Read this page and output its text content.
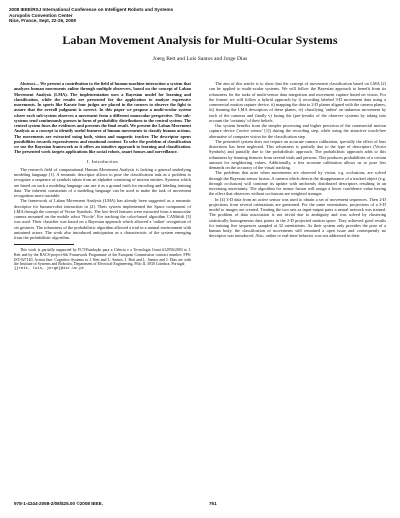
2008 IEEE/RSJ International Conference on Intelligent Robots and Systems
Acropolis Convention Center
Nice, France, Sept, 22-26, 2008
Laban Movement Analysis for Multi-Ocular Systems
Joerg Rett and Luís Santos and Jorge Dias

Abstract— We present a contribution to the field of human-machine interaction a system that analyzes human movements online through multiple observers, based on the concept of Laban Movement Analysis (LMA). The implementation uses a Bayesian model for learning and classification, while the results are presented for the application to analyze expressive movements. In sports like Karate four judges are placed in the corners to observe the fight to assure that the overall judgment is correct. In this paper we propose a multi-ocular system where each sub-system observes a movement from a different monocular perspective. The sub-systems send continuously guesses in form of probability distributions to the central system. The central system fuses the evidences and presents the final result. We present the Laban Movement Analysis as a concept to identify useful features of human movements to classify human actions. The movements are extracted using both, vision and magnetic tracker. The descriptor opens possibilities towards expressiveness and emotional content. To solve the problem of classification we use the Bayesian framework as it offers an intuitive approach to learning and classification. The presented work targets applications like social robots, smart houses and surveillance.

I. Introduction

The research field of computational Human Movement Analysis is lacking a general underlying modeling language [1]. A semantic descriptor allows to pose the classification task as a problem to recognize a sequence of symbols taken from an alphabet consisting of motion entities. Systems which are based on such a modeling language can use it as a ground truth for encoding and labeling training data. The inherent constraints of a modeling language can be used to make the task of movement recognition more tractable.

The framework of Laban Movement Analysis (LMA) has already been suggested as a semantic descriptor for human-robot interaction in [2]. Their system implemented the Space component of LMA through the concept of Vector Symbols. The low-level features were extracted from a monocular camera mounted on the mobile robot 'Nicole'. For tracking the color-based algorithm CAMshift [3] was used. Their classifier was based on a Bayesian approach which allowed a 'online' recognition of six gestures. The robustness of the probabilistic algorithm allowed a trial in a natural environment with untrained actors. The work also introduced anticipation as a characteristic of the system emerging from the probabilistic algorithm.

This work is partially supported by FCT-Fundação para a Ciência e a Tecnologia Grant #12956/2003 to J. Rett and by the BACS-project-6th Framework Programme of the European Commission contract number: FP6-IST-027140, Action line: Cognitive Systems to J. Rett and L. Santos. J. Rett and L. Santos and J. Dias are with the Institute of Systems and Robotics, Department of Electrical Engineering, Pólo II, 3030 Coimbra, Portugal

{jrett, luis, jorge}@isr.uc.pt

The aim of this article is to show that the concept of movement classification based on LMA [2] can be applied to multi-ocular systems. We will follow the Bayesian approach to benefit from its robustness for the tasks of multi-sensor data integration and movement capture based on vision. For the former we will follow a hybrid approach by i) recording labeled 3-D movement data using a commercial motion capture device, ii) mapping the data to 2-D planes aligned with the camera planes, iii) learning the LMA descriptors of these planes, iv) classifying 'online' an unknown movement by each of the cameras and finally v) fusing the (pre-)results of the observer systems by taking into account the 'certainty' of their beliefs.

Our system benefits from the simpler processing and higher precision of the commercial motion capture device ('active sensor' [1]) during the recording step, while using the attractive touch-free alternative of computer vision for the classification step.

The presented system does not require an accurate camera calibration, specially the effect of lens distortions has been neglected. This robustness is partially due to the type of descriptors (Vector Symbols) and partially due to the probabilistic approach. The probabilistic approach adds to this robustness by learning features from several trials and persons. This produces probabilities of a certain amount for neighboring values. Additionally, a less accurate calibration allows us to pose less demands on the accuracy of the visual tracking.

The problems that arise when movements are observed by vision, e.g. occlusions, are solved through the Bayesian sensor fusion. A camera which detects the disappearance of a tracked object (e.g. through occlusion) will continue its update with uniformly distributed descriptors resulting in an increasing uncertainty. The algorithm for sensor fusion will assign a lower confidence value having the effect that observers without occlusions are weighted stronger.

In [4] 3-D data from an active sensor was used to obtain a set of movement sequences. Then 2-D projections from several orientations are generated. For the same orientations, projections of a 3-D model to images are created. Treating the two sets as input-output pairs a neural network was trained. The problem of data association is not trivial due to ambiguity and was solved by clustering statistically homogeneous data points in the 2-D projected motion space. They achieved good results for training five sequences sampled at 32 orientations. As their system only provides the pose of a human body, the classification of movements still remained a open issue and consequently no descriptor was introduced. Also, online or real-time behavior was not addressed in their

978-1-4244-2058-2/08/$25.00 ©2008 IEEE.	761
